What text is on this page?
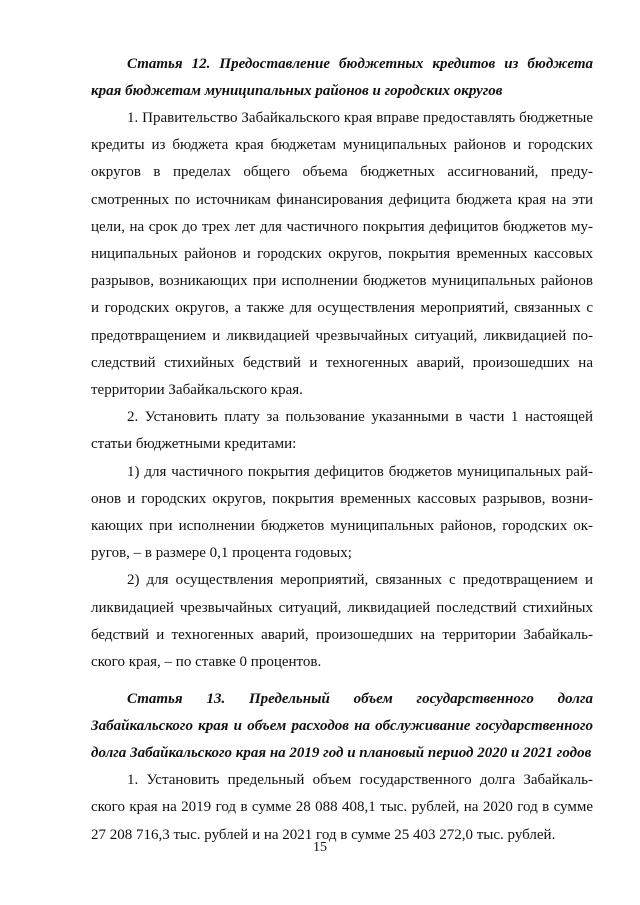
Статья 12. Предоставление бюджетных кредитов из бюджета края бюджетам муниципальных районов и городских округов

1. Правительство Забайкальского края вправе предоставлять бюджетные кредиты из бюджета края бюджетам муниципальных районов и городских округов в пределах общего объема бюджетных ассигнований, предусмотренных по источникам финансирования дефицита бюджета края на эти цели, на срок до трех лет для частичного покрытия дефицитов бюджетов муниципальных районов и городских округов, покрытия временных кассовых разрывов, возникающих при исполнении бюджетов муниципальных районов и городских округов, а также для осуществления мероприятий, связанных с предотвращением и ликвидацией чрезвычайных ситуаций, ликвидацией последствий стихийных бедствий и техногенных аварий, произошедших на территории Забайкальского края.

2. Установить плату за пользование указанными в части 1 настоящей статьи бюджетными кредитами:

1) для частичного покрытия дефицитов бюджетов муниципальных районов и городских округов, покрытия временных кассовых разрывов, возникающих при исполнении бюджетов муниципальных районов, городских округов, – в размере 0,1 процента годовых;

2) для осуществления мероприятий, связанных с предотвращением и ликвидацией чрезвычайных ситуаций, ликвидацией последствий стихийных бедствий и техногенных аварий, произошедших на территории Забайкальского края, – по ставке 0 процентов.

Статья 13. Предельный объем государственного долга Забайкальского края и объем расходов на обслуживание государственного долга Забайкальского края на 2019 год и плановый период 2020 и 2021 годов

1. Установить предельный объем государственного долга Забайкальского края на 2019 год в сумме 28 088 408,1 тыс. рублей, на 2020 год в сумме 27 208 716,3 тыс. рублей и на 2021 год в сумме 25 403 272,0 тыс. рублей.

15
